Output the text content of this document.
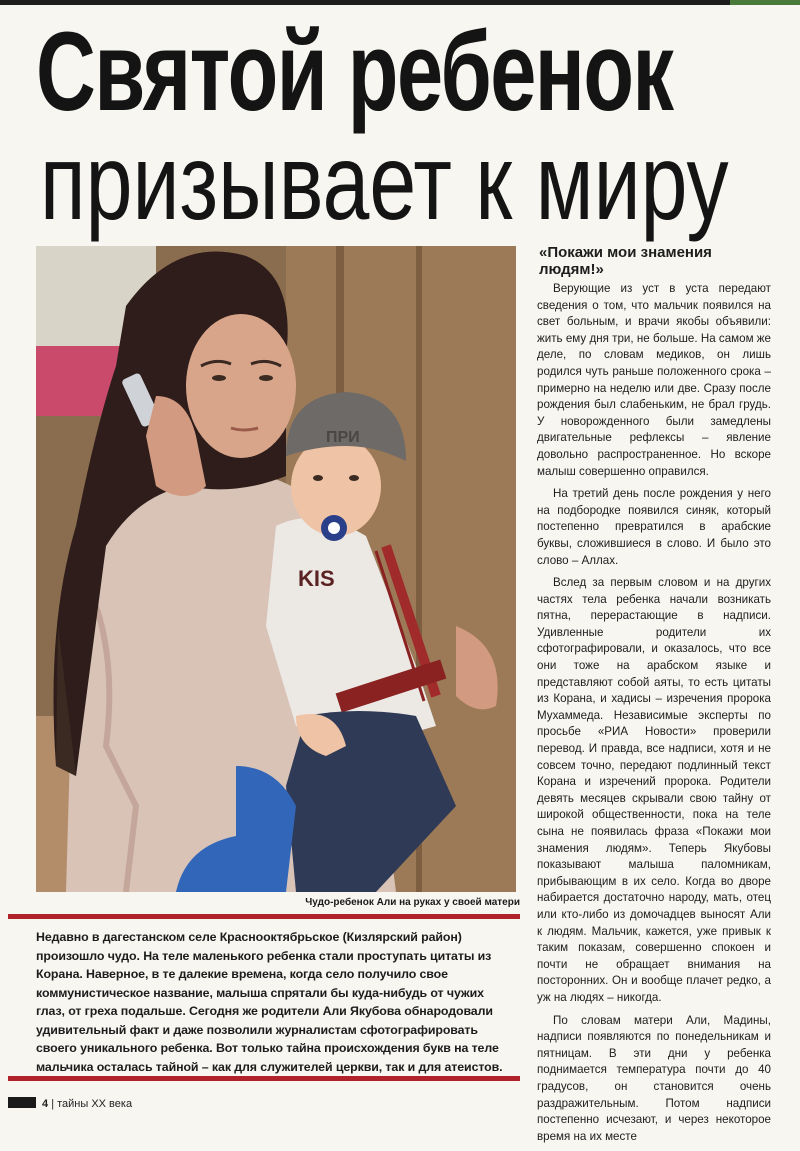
Святой ребенок
призывает к миру
KIS
ПРИ
Чудо-ребенок Али на руках у своей матери

Недавно в дагестанском селе Краснооктябрьское (Кизлярский район) произошло чудо. На теле маленького ребенка стали проступать цитаты из Корана. Наверное, в те далекие времена, когда село получило свое коммунистическое название, малыша спрятали бы куда-нибудь от чужих глаз, от греха подальше. Сегодня же родители Али Якубова обнародовали удивительный факт и даже позволили журналистам сфотографировать своего уникального ребенка. Вот только тайна происхождения букв на теле мальчика осталась тайной – как для служителей церкви, так и для атеистов.

«Покажи мои знамения людям!»

Верующие из уст в уста передают сведения о том, что мальчик появился на свет больным, и врачи якобы объявили: жить ему дня три, не больше. На самом же деле, по словам медиков, он лишь родился чуть раньше положенного срока – примерно на неделю или две. Сразу после рождения был слабеньким, не брал грудь. У новорожденного были замедлены двигательные рефлексы – явление довольно распространенное. Но вскоре малыш совершенно оправился.

На третий день после рождения у него на подбородке появился синяк, который постепенно превратился в арабские буквы, сложившиеся в слово. И было это слово – Аллах.

Вслед за первым словом и на других частях тела ребенка начали возникать пятна, перерастающие в надписи. Удивленные родители их сфотографировали, и оказалось, что все они тоже на арабском языке и представляют собой аяты, то есть цитаты из Корана, и хадисы – изречения пророка Мухаммеда. Независимые эксперты по просьбе «РИА Новости» проверили перевод. И правда, все надписи, хотя и не совсем точно, передают подлинный текст Корана и изречений пророка. Родители девять месяцев скрывали свою тайну от широкой общественности, пока на теле сына не появилась фраза «Покажи мои знамения людям». Теперь Якубовы показывают малыша паломникам, прибывающим в их село. Когда во дворе набирается достаточно народу, мать, отец или кто-либо из домочадцев выносят Али к людям. Мальчик, кажется, уже привык к таким показам, совершенно спокоен и почти не обращает внимания на посторонних. Он и вообще плачет редко, а уж на людях – никогда.

По словам матери Али, Мадины, надписи появляются по понедельникам и пятницам. В эти дни у ребенка поднимается температура почти до 40 градусов, он становится очень раздражительным. Потом надписи постепенно исчезают, и через некоторое время на их месте

4 | тайны XX века
